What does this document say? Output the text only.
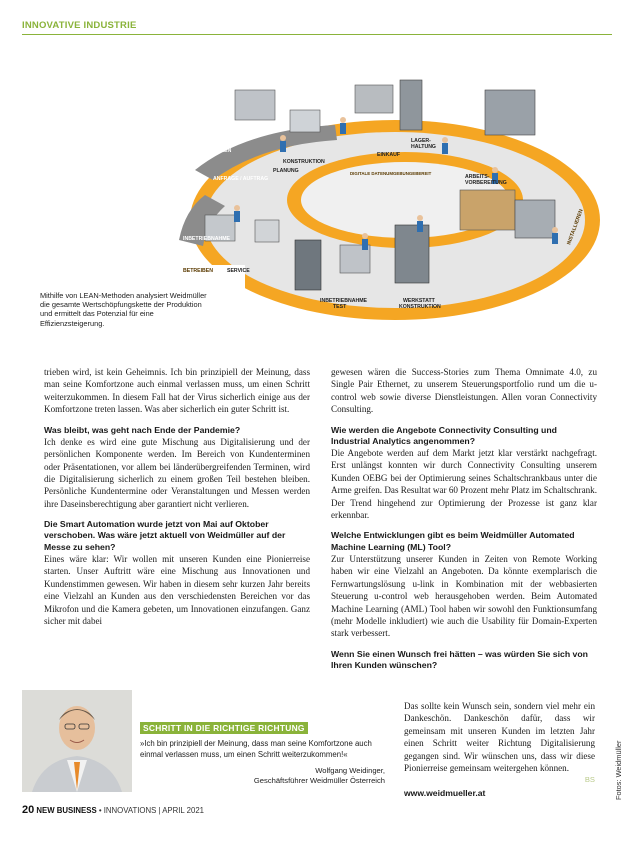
INNOVATIVE INDUSTRIE
PLANEN
ANFRAGE / AUFTRAG
KONSTRUKTION
PLANUNG
EINKAUF
LAGER-
HALTUNG
DIGITALE DATENUMGEBUNGEBEREIT
ARBEITS-
VORBEREITUNG
INBETRIEBNAHME
BETREIBEN	SERVICE
INBETRIEBNAHME
TEST
WERKSTATT
KONSTRUKTION
INSTALLIEREN
Mithilfe von LEAN-Methoden analysiert Weidmüller die gesamte Wertschöpfungskette der Produktion und ermittelt das Potenzial für eine Effizienzsteigerung.

trieben wird, ist kein Geheimnis. Ich bin prinzipiell der Meinung, dass man seine Komfortzone auch einmal verlassen muss, um einen Schritt weiterzukommen. In diesem Fall hat der Virus sicherlich einige aus der Komfortzone treten lassen. Was aber sicherlich ein guter Schritt ist.

Was bleibt, was geht nach Ende der Pandemie?

Ich denke es wird eine gute Mischung aus Digitalisierung und der persönlichen Komponente werden. Im Bereich von Kundenterminen oder Präsentationen, vor allem bei länderübergreifenden Terminen, wird die Digitalisierung sicherlich zu einem großen Teil bestehen bleiben. Persönliche Kundentermine oder Veranstaltungen und Messen werden ihre Daseinsberechtigung aber garantiert nicht verlieren.

Die Smart Automation wurde jetzt von Mai auf Oktober verschoben. Was wäre jetzt aktuell von Weidmüller auf der Messe zu sehen?

Eines wäre klar: Wir wollen mit unseren Kunden eine Pionierreise starten. Unser Auftritt wäre eine Mischung aus Innovationen und Kundenstimmen gewesen. Wir haben in diesem sehr kurzen Jahr bereits eine Vielzahl an Kunden aus den verschiedensten Bereichen vor das Mikrofon und die Kamera gebeten, um Innovationen einzufangen. Ganz sicher mit dabei

gewesen wären die Success-Stories zum Thema Omnimate 4.0, zu Single Pair Ethernet, zu unserem Steuerungsportfolio rund um die u-control web sowie diverse Dienstleistungen. Allen voran Connectivity Consulting.

Wie werden die Angebote Connectivity Consulting und Industrial Analytics angenommen?

Die Angebote werden auf dem Markt jetzt klar verstärkt nachgefragt. Erst unlängst konnten wir durch Connectivity Consulting unserem Kunden OEBG bei der Optimierung seines Schaltschrankbaus unter die Arme greifen. Das Resultat war 60 Prozent mehr Platz im Schaltschrank. Der Trend hingehend zur Optimierung der Prozesse ist ganz klar erkennbar.

Welche Entwicklungen gibt es beim Weidmüller Automated Machine Learning (ML) Tool?

Zur Unterstützung unserer Kunden in Zeiten von Remote Working haben wir eine Vielzahl an Angeboten. Da könnte exemplarisch die Fernwartungslösung u-link in Kombination mit der webbasierten Steuerung u-control web herausgehoben werden. Beim Automated Machine Learning (AML) Tool haben wir sowohl den Funktionsumfang (mehr Modelle inkludiert) wie auch die Usability für Domain-Experten stark verbessert.

Wenn Sie einen Wunsch frei hätten – was würden Sie sich von Ihren Kunden wünschen?

Das sollte kein Wunsch sein, sondern viel mehr ein Dankeschön. Dankeschön dafür, dass wir gemeinsam mit unseren Kunden im letzten Jahr einen Schritt weiter Richtung Digitalisierung gegangen sind. Wir wünschen uns, dass wir diese Pionierreise gemeinsam weitergehen können.

BS
www.weidmueller.at
SCHRITT IN DIE RICHTIGE RICHTUNG
»Ich bin prinzipiell der Meinung, dass man seine Komfortzone auch einmal verlassen muss, um einen Schritt weiterzukommen!«
Wolfgang Weidinger,
Geschäftsführer Weidmüller Österreich	Fotos: Weidmüller
20 NEW BUSINESS • INNOVATIONS | APRIL 2021
